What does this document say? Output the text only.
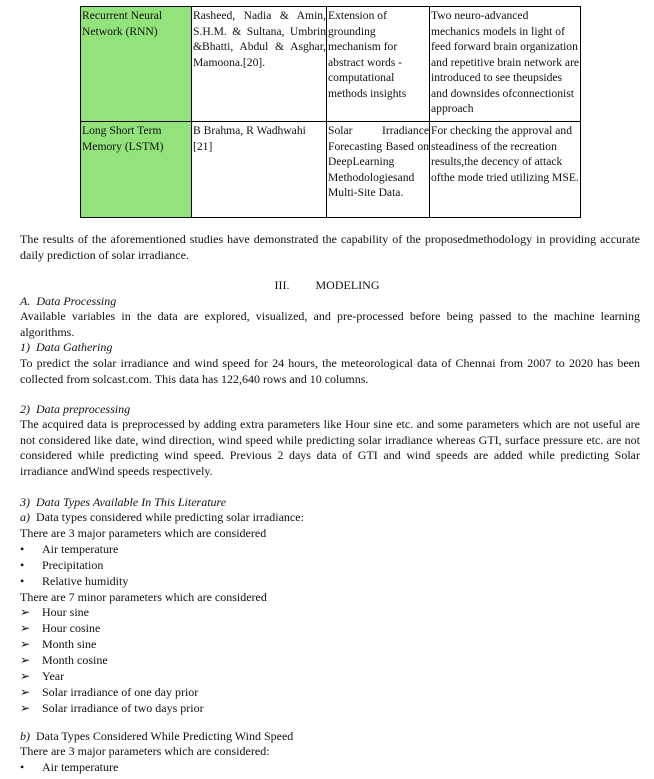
Recurrent Neural Network (RNN)	Rasheed, Nadia & Amin, S.H.M. & Sultana, Umbrin &Bhatti, Abdul & Asghar, Mamoona.[20].	Extension of grounding mechanism for abstract words - computational methods insights	Two neuro-advanced mechanics models in light of feed forward brain organization and repetitive brain network are introduced to see theupsides and downsides ofconnectionist approach
Long Short Term Memory (LSTM)	B Brahma, R Wadhwahi [21]	Solar Irradiance Forecasting Based on DeepLearning Methodologiesand Multi-Site Data.	For checking the approval and steadiness of the recreation results,the decency of attack ofthe mode tried utilizing MSE.
The results of the aforementioned studies have demonstrated the capability of the proposedmethodology in providing accurate daily prediction of solar irradiance.
III. MODELING
A. Data Processing
Available variables in the data are explored, visualized, and pre-processed before being passed to the machine learning algorithms.
1) Data Gathering
To predict the solar irradiance and wind speed for 24 hours, the meteorological data of Chennai from 2007 to 2020 has been collected from solcast.com. This data has 122,640 rows and 10 columns.
2) Data preprocessing
The acquired data is preprocessed by adding extra parameters like Hour sine etc. and some parameters which are not useful are not considered like date, wind direction, wind speed while predicting solar irradiance whereas GTI, surface pressure etc. are not considered while predicting wind speed. Previous 2 days data of GTI and wind speeds are added while predicting Solar irradiance andWind speeds respectively.
3) Data Types Available In This Literature
a) Data types considered while predicting solar irradiance:
There are 3 major parameters which are considered
•	Air temperature
•	Precipitation
•	Relative humidity
There are 7 minor parameters which are considered
➢ Hour sine
➢ Hour cosine
➢ Month sine
➢ Month cosine
➢ Year
➢ Solar irradiance of one day prior
➢ Solar irradiance of two days prior
b) Data Types Considered While Predicting Wind Speed
There are 3 major parameters which are considered:
•	Air temperature
